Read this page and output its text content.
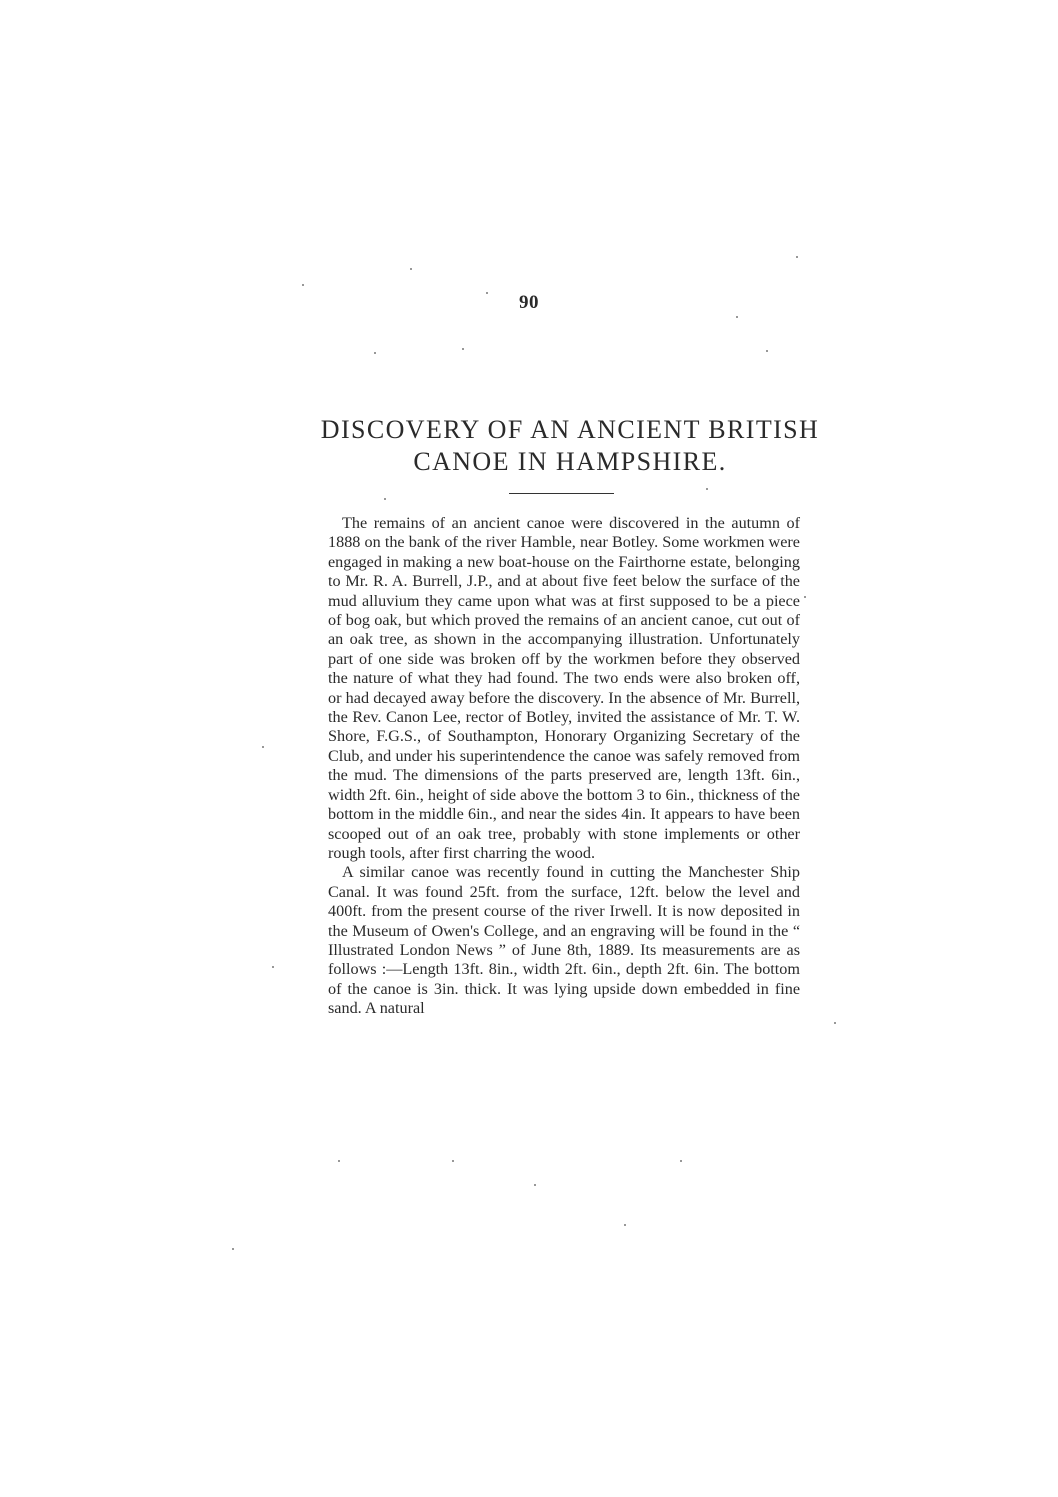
90
DISCOVERY OF AN ANCIENT BRITISH
CANOE IN HAMPSHIRE.

The remains of an ancient canoe were discovered in the autumn of 1888 on the bank of the river Hamble, near Botley. Some workmen were engaged in making a new boat-house on the Fairthorne estate, belonging to Mr. R. A. Burrell, J.P., and at about five feet below the surface of the mud alluvium they came upon what was at first supposed to be a piece of bog oak, but which proved the remains of an ancient canoe, cut out of an oak tree, as shown in the accompanying illustration. Unfortunately part of one side was broken off by the workmen before they observed the nature of what they had found. The two ends were also broken off, or had decayed away before the discovery. In the absence of Mr. Burrell, the Rev. Canon Lee, rector of Botley, invited the assistance of Mr. T. W. Shore, F.G.S., of Southampton, Honorary Organizing Secretary of the Club, and under his superintendence the canoe was safely removed from the mud. The dimensions of the parts preserved are, length 13ft. 6in., width 2ft. 6in., height of side above the bottom 3 to 6in., thickness of the bottom in the middle 6in., and near the sides 4in. It appears to have been scooped out of an oak tree, probably with stone implements or other rough tools, after first charring the wood.

A similar canoe was recently found in cutting the Manchester Ship Canal. It was found 25ft. from the surface, 12ft. below the level and 400ft. from the present course of the river Irwell. It is now deposited in the Museum of Owen's College, and an engraving will be found in the “ Illustrated London News ” of June 8th, 1889. Its measurements are as follows :—Length 13ft. 8in., width 2ft. 6in., depth 2ft. 6in. The bottom of the canoe is 3in. thick. It was lying upside down embedded in fine sand. A natural
